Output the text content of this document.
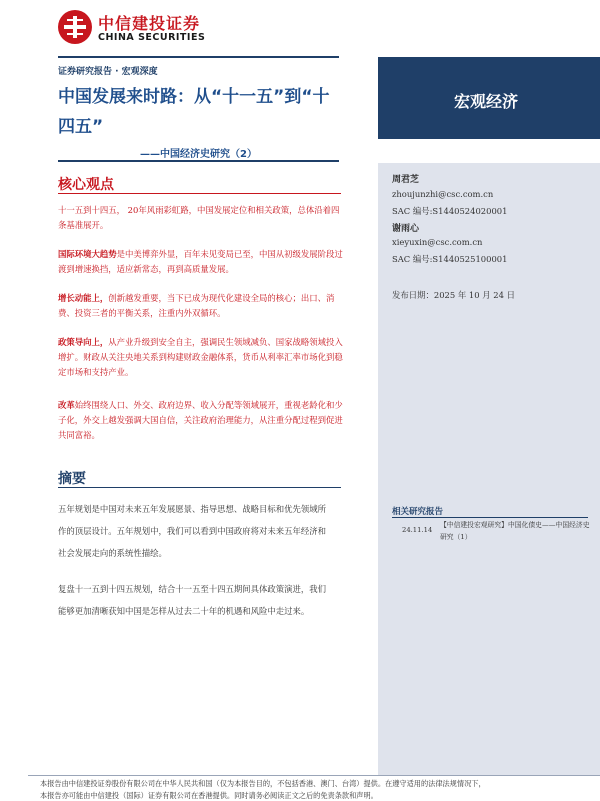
中信建投证券
CHINA SECURITIES
证券研究报告 · 宏观深度
中国发展来时路：从“十一五”到“十
四五”
——中国经济史研究（2）
宏观经济
核心观点
十一五到十四五， 20年风雨彩虹路，中国发展定位和相关政策，总体沿着四条基准展开。
国际环境大趋势是中美博弈外显，百年未见变局已至，中国从初级发展阶段过渡到增速换挡，适应新常态，再到高质量发展。
增长动能上，创新越发重要，当下已成为现代化建设全局的核心；出口、消费、投资三者的平衡关系，注重内外双循环。
政策导向上，从产业升级到安全自主，强调民生领域减负、国家战略领域投入增扩。财政从关注央地关系到构建财政金融体系，货币从利率汇率市场化到稳定市场和支持产业。
改革始终围绕人口、外交、政府边界、收入分配等领域展开，重视老龄化和少子化，外交上越发强调大国自信，关注政府治理能力，从注重分配过程到促进共同富裕。
摘要
五年规划是中国对未来五年发展愿景、指导思想、战略目标和优先领域所作的顶层设计。五年规划中，我们可以看到中国政府将对未来五年经济和社会发展走向的系统性描绘。
复盘十一五到十四五规划，结合十一五至十四五期间具体政策演进，我们能够更加清晰获知中国是怎样从过去二十年的机遇和风险中走过来。
周君芝
zhoujunzhi@csc.com.cn
SAC 编号:S1440524020001
谢雨心
xieyuxin@csc.com.cn
SAC 编号:S1440525100001
发布日期：2025 年 10 月 24 日
相关研究报告
24.11.14
【中信建投宏观研究】中国化债史——中国经济史研究（1）
本报告由中信建投证券股份有限公司在中华人民共和国（仅为本报告目的，不包括香港、澳门、台湾）提供。在遵守适用的法律法规情况下，
本报告亦可能由中信建投（国际）证券有限公司在香港提供。同时请务必阅读正文之后的免责条款和声明。
